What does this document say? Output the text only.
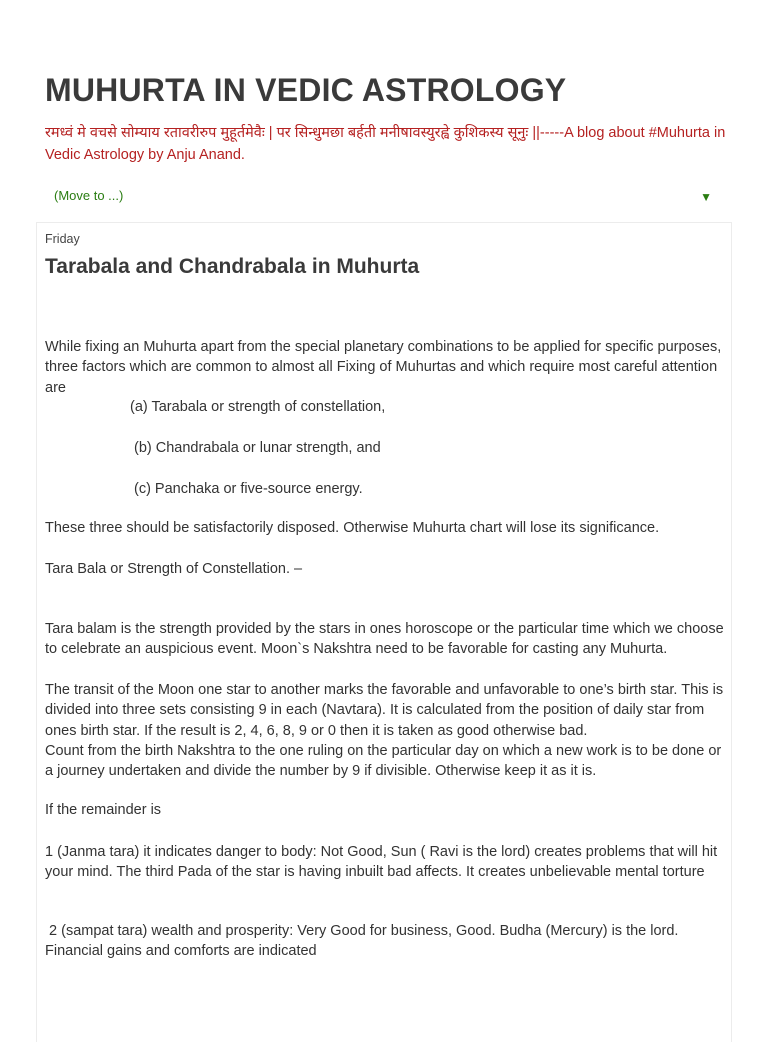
MUHURTA IN VEDIC ASTROLOGY

रमध्वं मे वचसे सोम्याय रतावरीरुप मुहूर्तमेवैः | पर सिन्धुमछा बर्हती मनीषावस्युरह्वे कुशिकस्य सूनुः ||-----A blog about #Muhurta in Vedic Astrology by Anju Anand.

(Move to ...)	▼
Friday
Tarabala and Chandrabala in Muhurta

While fixing an Muhurta apart from the special planetary combinations to be applied for specific purposes, three factors which are common to almost all Fixing of Muhurtas and which require most careful attention are

(a) Tarabala or strength of constellation,

(b) Chandrabala or lunar strength, and

(c) Panchaka or five-source energy.

These three should be satisfactorily disposed. Otherwise Muhurta chart will lose its significance.

Tara Bala or Strength of Constellation. –

Tara balam is the strength provided by the stars in ones horoscope or the particular time which we choose to celebrate an auspicious event. Moon`s Nakshtra need to be favorable for casting any Muhurta.

The transit of the Moon one star to another marks the favorable and unfavorable to one’s birth star. This is divided into three sets consisting 9 in each (Navtara). It is calculated from the position of daily star from ones birth star. If the result is 2, 4, 6, 8, 9 or 0 then it is taken as good otherwise bad.

Count from the birth Nakshtra to the one ruling on the particular day on which a new work is to be done or a journey undertaken and divide the number by 9 if divisible. Otherwise keep it as it is.

If the remainder is

1 (Janma tara) it indicates danger to body: Not Good, Sun ( Ravi is the lord) creates problems that will hit your mind. The third Pada of the star is having inbuilt bad affects. It creates unbelievable mental torture

2 (sampat tara) wealth and prosperity: Very Good for business, Good. Budha (Mercury) is the lord. Financial gains and comforts are indicated
